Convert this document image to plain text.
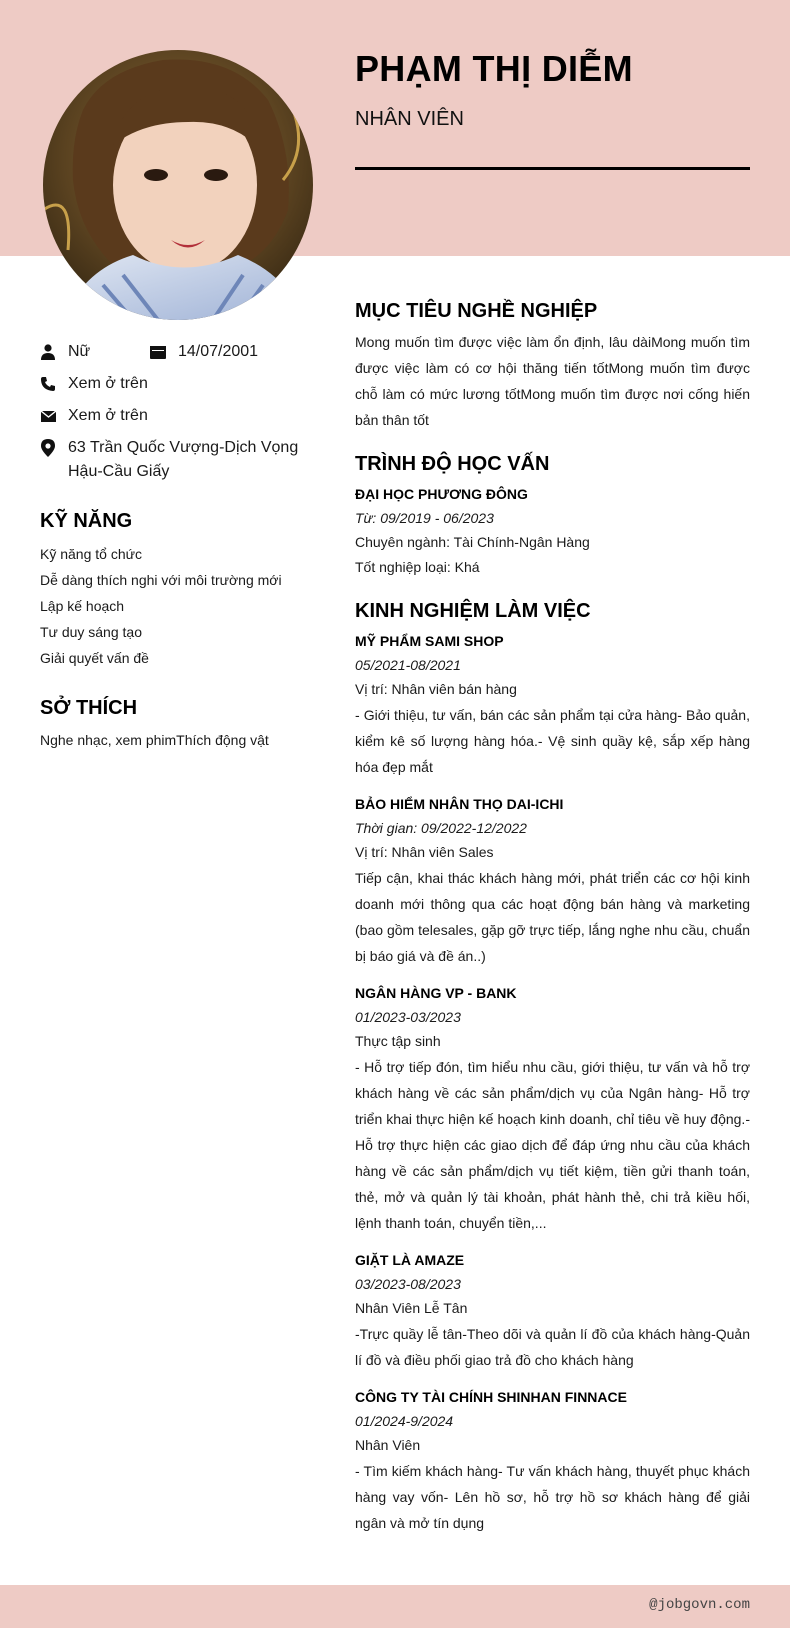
PHẠM THỊ DIỄM
NHÂN VIÊN
Nữ	14/07/2001
Xem ở trên
Xem ở trên
63 Trần Quốc Vượng-Dịch Vọng Hậu-Cầu Giấy
KỸ NĂNG
Kỹ năng tổ chức
Dễ dàng thích nghi với môi trường mới
Lập kế hoạch
Tư duy sáng tạo
Giải quyết vấn đề
SỞ THÍCH
Nghe nhạc, xem phimThích động vật
MỤC TIÊU NGHỀ NGHIỆP
Mong muốn tìm được việc làm ổn định, lâu dàiMong muốn tìm được việc làm có cơ hội thăng tiến tốtMong muốn tìm được chỗ làm có mức lương tốtMong muốn tìm được nơi cống hiến bản thân tốt
TRÌNH ĐỘ HỌC VẤN
ĐẠI HỌC PHƯƠNG ĐÔNG
Từ: 09/2019 - 06/2023
Chuyên ngành: Tài Chính-Ngân Hàng
Tốt nghiệp loại: Khá
KINH NGHIỆM LÀM VIỆC
MỸ PHẨM SAMI SHOP
05/2021-08/2021
Vị trí: Nhân viên bán hàng
- Giới thiệu, tư vấn, bán các sản phẩm tại cửa hàng- Bảo quản, kiểm kê số lượng hàng hóa.- Vệ sinh quầy kệ, sắp xếp hàng hóa đẹp mắt
BẢO HIỂM NHÂN THỌ DAI-ICHI
Thời gian: 09/2022-12/2022
Vị trí: Nhân viên Sales
Tiếp cận, khai thác khách hàng mới, phát triển các cơ hội kinh doanh mới thông qua các hoạt động bán hàng và marketing (bao gồm telesales, gặp gỡ trực tiếp, lắng nghe nhu cầu, chuẩn bị báo giá và đề án..)
NGÂN HÀNG VP - BANK
01/2023-03/2023
Thực tập sinh
- Hỗ trợ tiếp đón, tìm hiểu nhu cầu, giới thiệu, tư vấn và hỗ trợ khách hàng về các sản phẩm/dịch vụ của Ngân hàng- Hỗ trợ triển khai thực hiện kế hoạch kinh doanh, chỉ tiêu về huy động.- Hỗ trợ thực hiện các giao dịch để đáp ứng nhu cầu của khách hàng về các sản phẩm/dịch vụ tiết kiệm, tiền gửi thanh toán, thẻ, mở và quản lý tài khoản, phát hành thẻ, chi trả kiều hối, lệnh thanh toán, chuyển tiền,...
GIẶT LÀ AMAZE
03/2023-08/2023
Nhân Viên Lễ Tân
-Trực quầy lễ tân-Theo dõi và quản lí đồ của khách hàng-Quản lí đồ và điều phối giao trả đồ cho khách hàng
CÔNG TY TÀI CHÍNH SHINHAN FINNACE
01/2024-9/2024
Nhân Viên
- Tìm kiếm khách hàng- Tư vấn khách hàng, thuyết phục khách hàng vay vốn- Lên hồ sơ, hỗ trợ hồ sơ khách hàng để giải ngân và mở tín dụng
@jobgovn.com
